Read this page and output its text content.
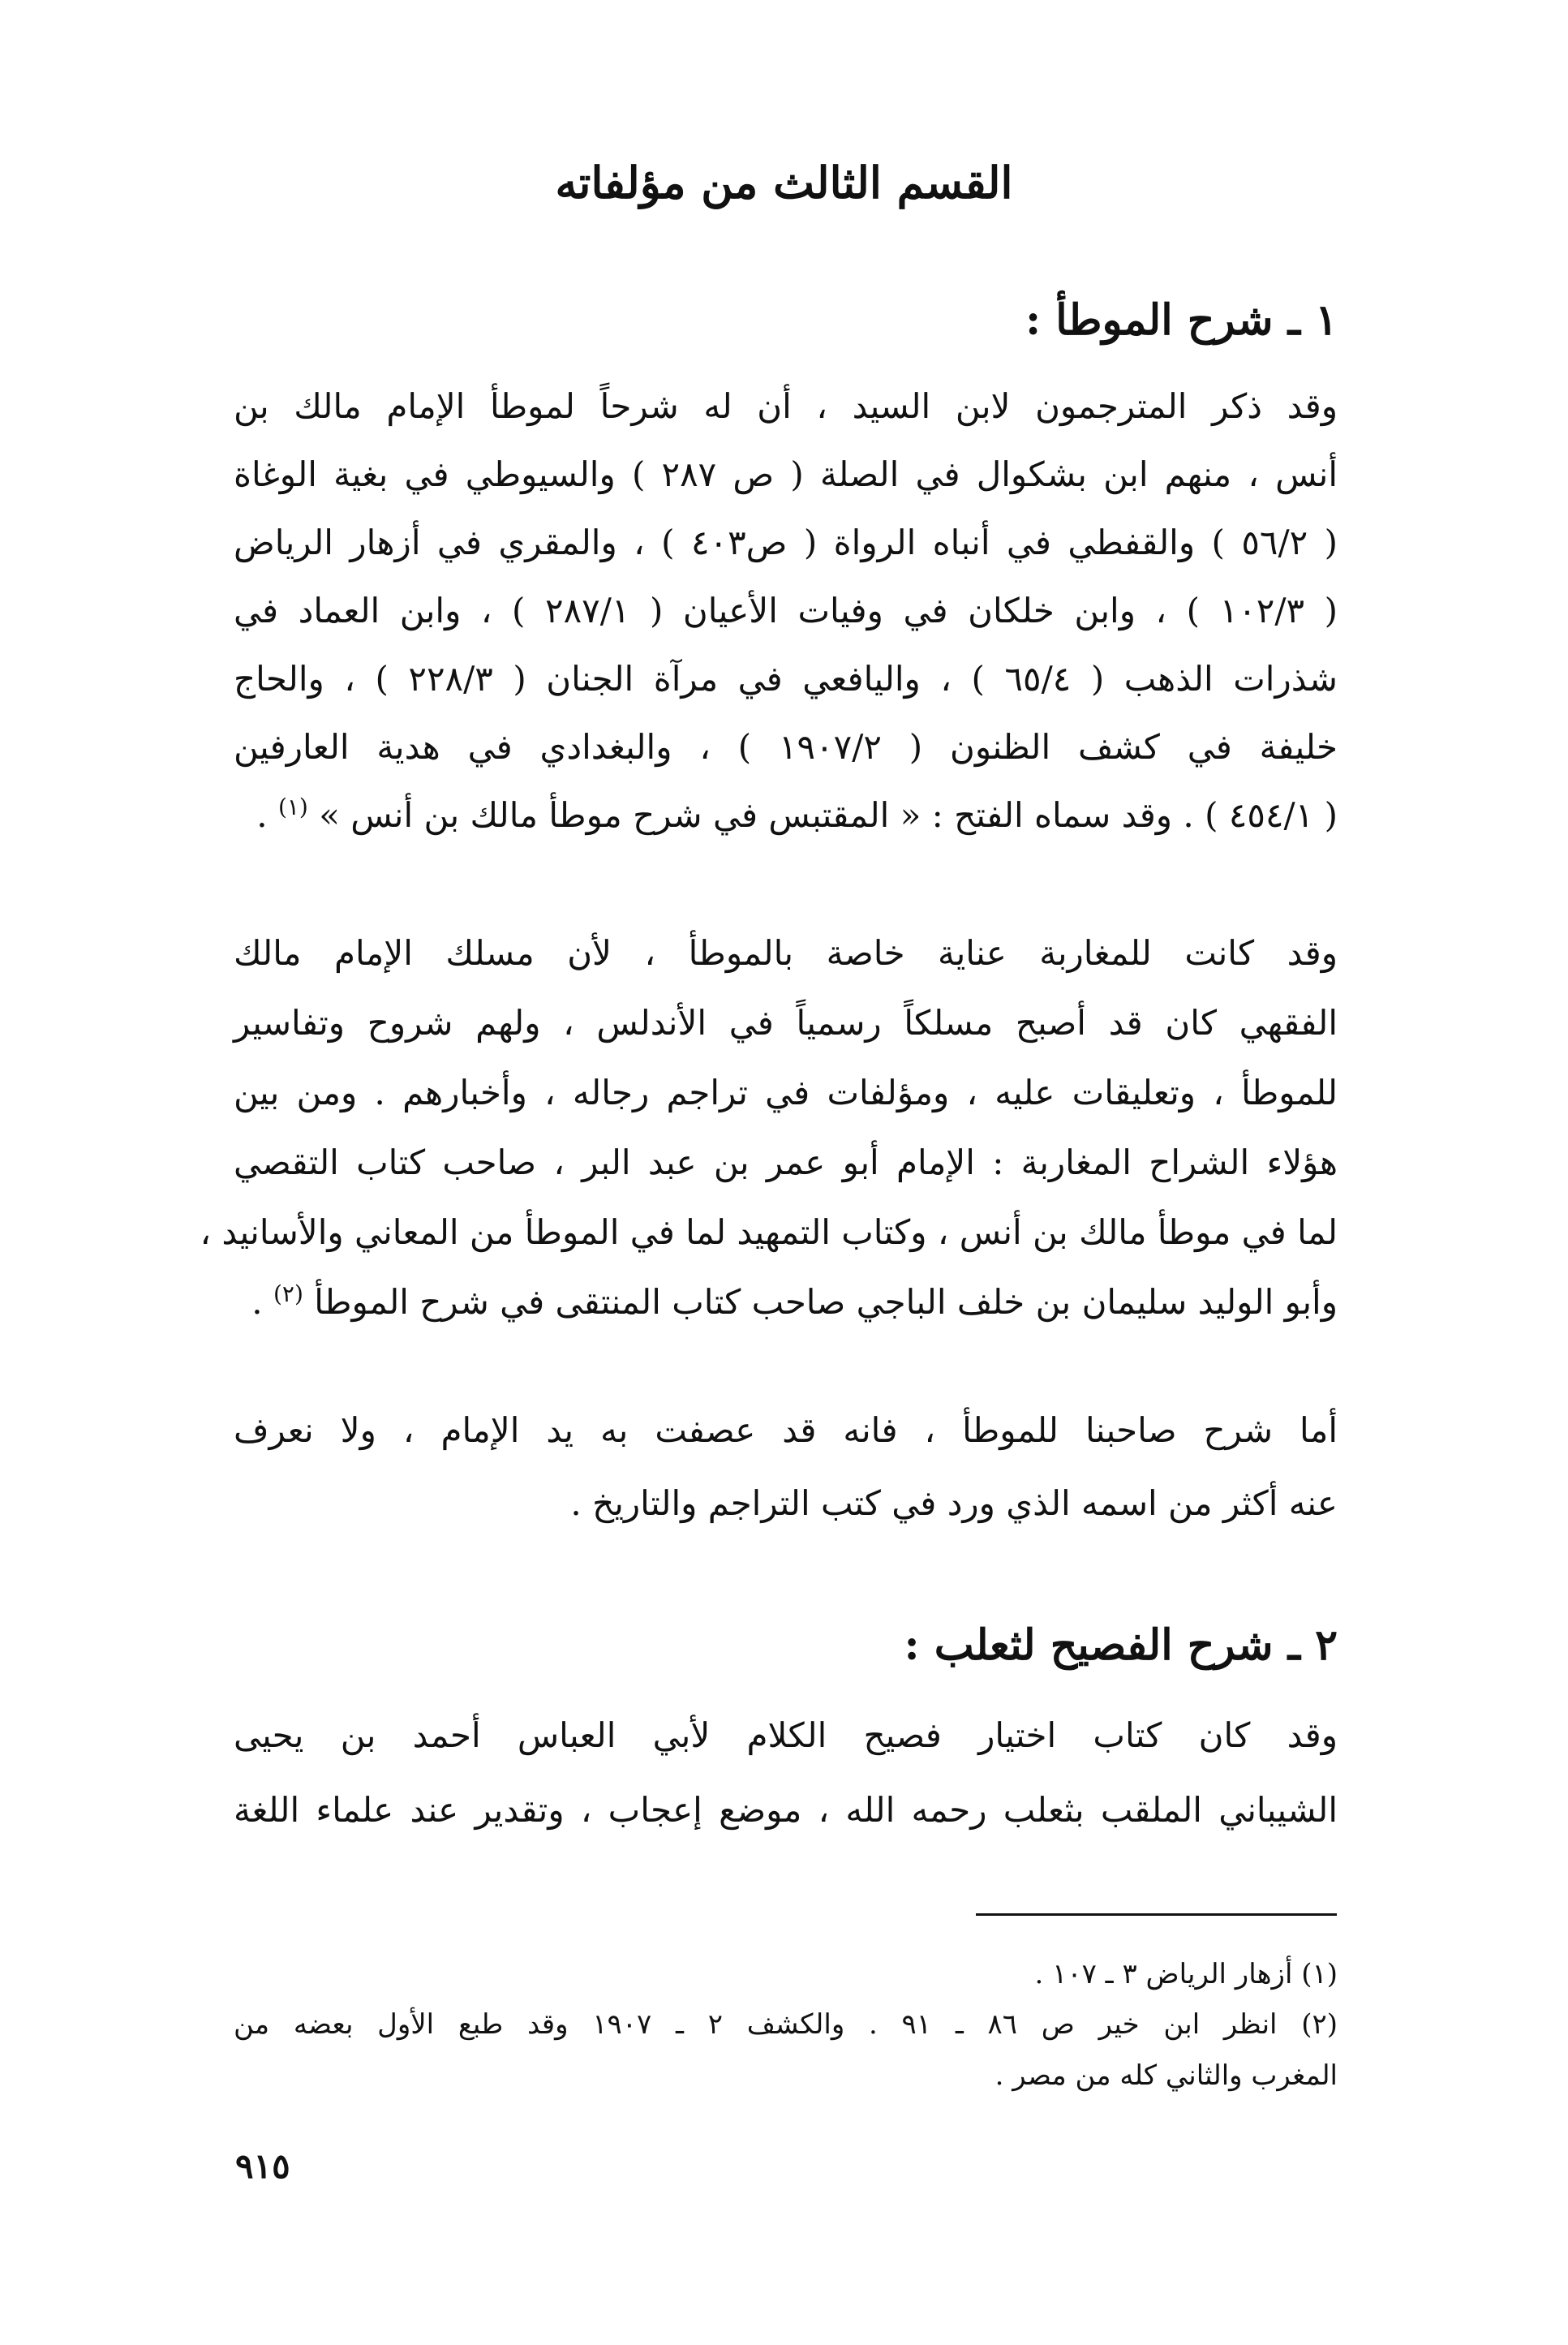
القسم الثالث من مؤلفاته
١ ـ شرح الموطأ :
وقد ذكر المترجمون لابن السيد ، أن له شرحاً لموطأ الإمام مالك بن
أنس ، منهم ابن بشكوال في الصلة ( ص ٢٨٧ ) والسيوطي في بغية الوغاة
( ٥٦/٢ ) والقفطي في أنباه الرواة ( ص٤٠٣ ) ، والمقري في أزهار الرياض
( ١٠٢/٣ ) ، وابن خلكان في وفيات الأعيان ( ٢٨٧/١ ) ، وابن العماد في
شذرات الذهب ( ٦٥/٤ ) ، واليافعي في مرآة الجنان ( ٢٢٨/٣ ) ، والحاج
خليفة في كشف الظنون ( ١٩٠٧/٢ ) ، والبغدادي في هدية العارفين
( ٤٥٤/١ ) . وقد سماه الفتح : « المقتبس في شرح موطأ مالك بن أنس » $^{(١)}$ .
وقد كانت للمغاربة عناية خاصة بالموطأ ، لأن مسلك الإمام مالك
الفقهي كان قد أصبح مسلكاً رسمياً في الأندلس ، ولهم شروح وتفاسير
للموطأ ، وتعليقات عليه ، ومؤلفات في تراجم رجاله ، وأخبارهم . ومن بين
هؤلاء الشراح المغاربة : الإمام أبو عمر بن عبد البر ، صاحب كتاب التقصي
لما في موطأ مالك بن أنس ، وكتاب التمهيد لما في الموطأ من المعاني والأسانيد ،
وأبو الوليد سليمان بن خلف الباجي صاحب كتاب المنتقى في شرح الموطأ $^{(٢)}$ .
أما شرح صاحبنا للموطأ ، فانه قد عصفت به يد الإمام ، ولا نعرف
عنه أكثر من اسمه الذي ورد في كتب التراجم والتاريخ .
٢ ـ شرح الفصيح لثعلب :
وقد كان كتاب اختيار فصيح الكلام لأبي العباس أحمد بن يحيى
الشيباني الملقب بثعلب رحمه الله ، موضع إعجاب ، وتقدير عند علماء اللغة
(١) أزهار الرياض ٣ ـ ١٠٧ .
(٢) انظر ابن خير ص ٨٦ ـ ٩١ . والكشف ٢ ـ ١٩٠٧ وقد طبع الأول بعضه من
المغرب والثاني كله من مصر .
٩١٥
